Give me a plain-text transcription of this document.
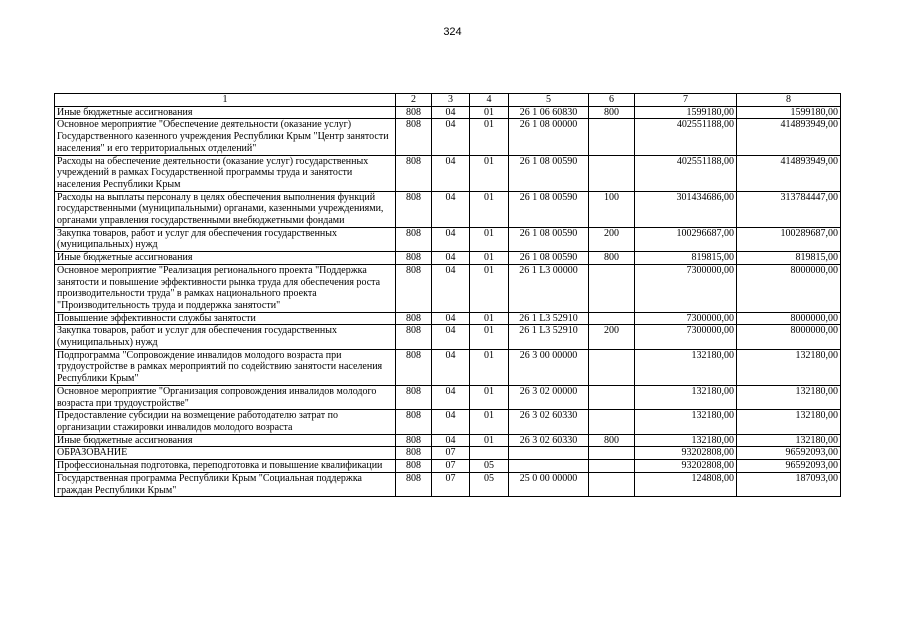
324
1	2	3	4	5	6	7	8
Иные бюджетные ассигнования	808	04	01	26 1 06 60830	800	1599180,00	1599180,00
Основное мероприятие "Обеспечение деятельности (оказание услуг) Государственного казенного учреждения Республики Крым "Центр занятости населения" и его территориальных отделений"	808	04	01	26 1 08 00000		402551188,00	414893949,00
Расходы на обеспечение деятельности (оказание услуг) государственных учреждений в рамках Государственной программы труда и занятости населения Республики Крым	808	04	01	26 1 08 00590		402551188,00	414893949,00
Расходы на выплаты персоналу в целях обеспечения выполнения функций государственными (муниципальными) органами, казенными учреждениями, органами управления государственными внебюджетными фондами	808	04	01	26 1 08 00590	100	301434686,00	313784447,00
Закупка товаров, работ и услуг для обеспечения государственных (муниципальных) нужд	808	04	01	26 1 08 00590	200	100296687,00	100289687,00
Иные бюджетные ассигнования	808	04	01	26 1 08 00590	800	819815,00	819815,00
Основное мероприятие "Реализация регионального проекта "Поддержка занятости и повышение эффективности рынка труда для обеспечения роста производительности труда" в рамках национального проекта "Производительность труда и поддержка занятости"	808	04	01	26 1 L3 00000		7300000,00	8000000,00
Повышение эффективности службы занятости	808	04	01	26 1 L3 52910		7300000,00	8000000,00
Закупка товаров, работ и услуг для обеспечения государственных (муниципальных) нужд	808	04	01	26 1 L3 52910	200	7300000,00	8000000,00
Подпрограмма "Сопровождение инвалидов молодого возраста при трудоустройстве в рамках мероприятий по содействию занятости населения Республики Крым"	808	04	01	26 3 00 00000		132180,00	132180,00
Основное мероприятие "Организация сопровождения инвалидов молодого возраста при трудоустройстве"	808	04	01	26 3 02 00000		132180,00	132180,00
Предоставление субсидии на возмещение работодателю затрат по организации стажировки инвалидов молодого возраста	808	04	01	26 3 02 60330		132180,00	132180,00
Иные бюджетные ассигнования	808	04	01	26 3 02 60330	800	132180,00	132180,00
ОБРАЗОВАНИЕ	808	07				93202808,00	96592093,00
Профессиональная подготовка, переподготовка и повышение квалификации	808	07	05			93202808,00	96592093,00
Государственная программа Республики Крым "Социальная поддержка граждан Республики Крым"	808	07	05	25 0 00 00000		124808,00	187093,00
